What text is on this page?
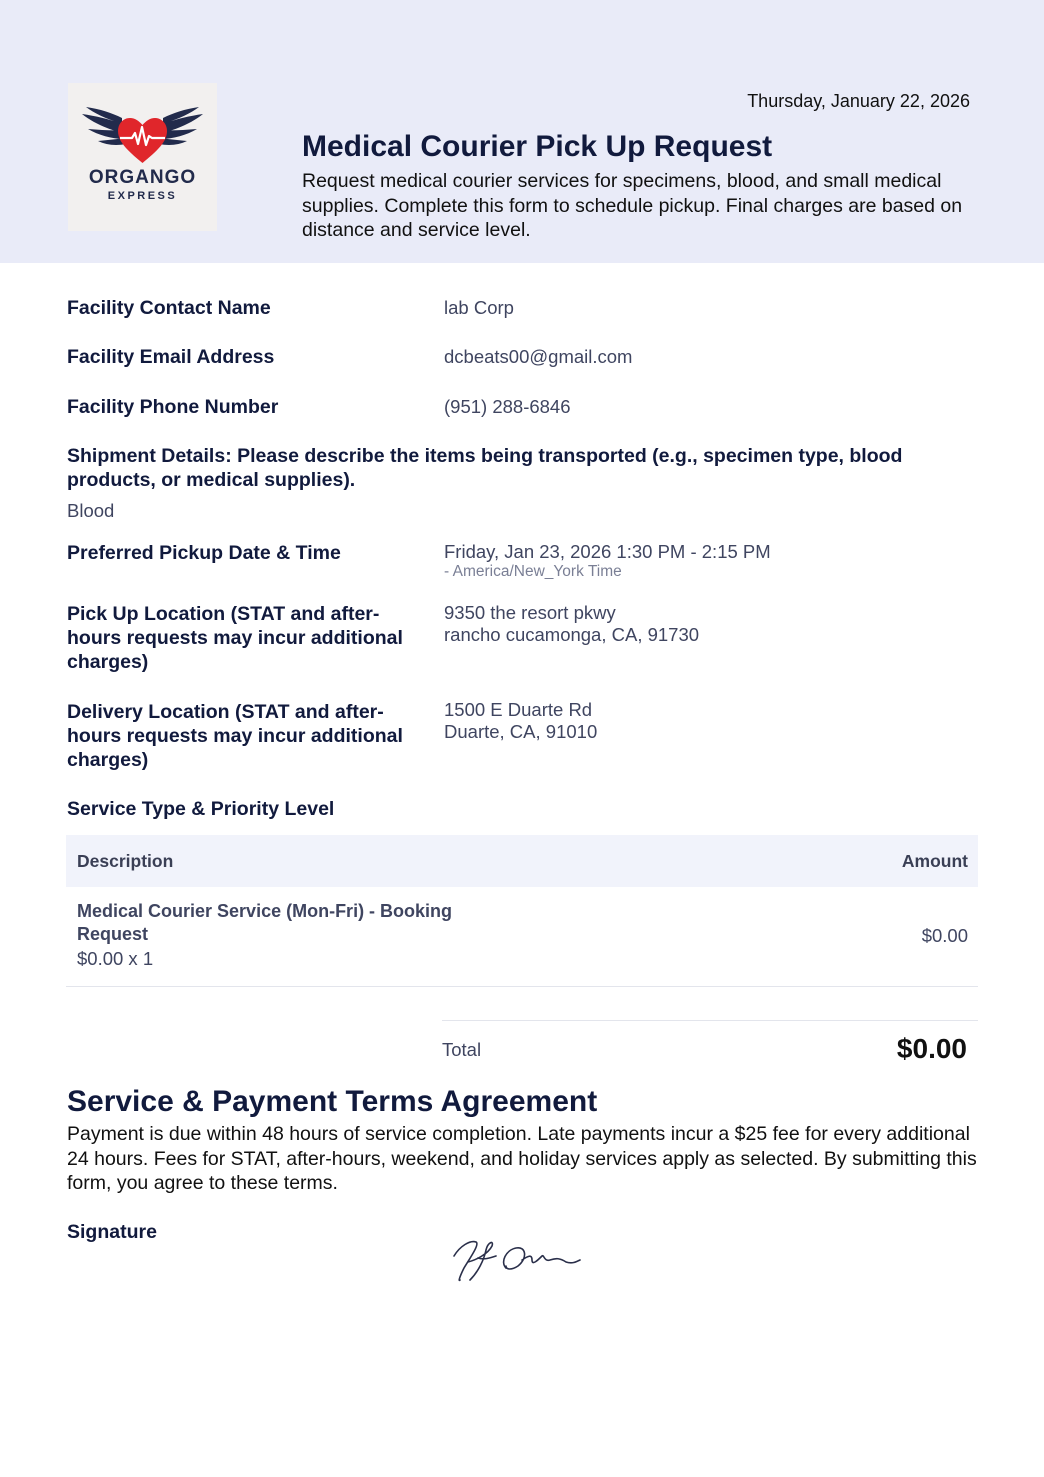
ORGANGO
EXPRESS
Thursday, January 22, 2026
Medical Courier Pick Up Request
Request medical courier services for specimens, blood, and small medical supplies. Complete this form to schedule pickup. Final charges are based on distance and service level.
Facility Contact Name	lab Corp
Facility Email Address	dcbeats00@gmail.com
Facility Phone Number	(951) 288-6846
Shipment Details: Please describe the items being transported (e.g., specimen type, blood products, or medical supplies).
Blood
Preferred Pickup Date & Time	Friday, Jan 23, 2026 1:30 PM - 2:15 PM
- America/New_York Time
Pick Up Location (STAT and after-hours requests may incur additional charges)
9350 the resort pkwy
rancho cucamonga, CA, 91730
Delivery Location (STAT and after-hours requests may incur additional charges)
1500 E Duarte Rd
Duarte, CA, 91010
Service Type & Priority Level
Description	Amount
Medical Courier Service (Mon-Fri) - Booking Request
$0.00 x 1
$0.00
Total	$0.00
Service & Payment Terms Agreement
Payment is due within 48 hours of service completion. Late payments incur a $25 fee for every additional 24 hours. Fees for STAT, after-hours, weekend, and holiday services apply as selected. By submitting this form, you agree to these terms.
Signature
